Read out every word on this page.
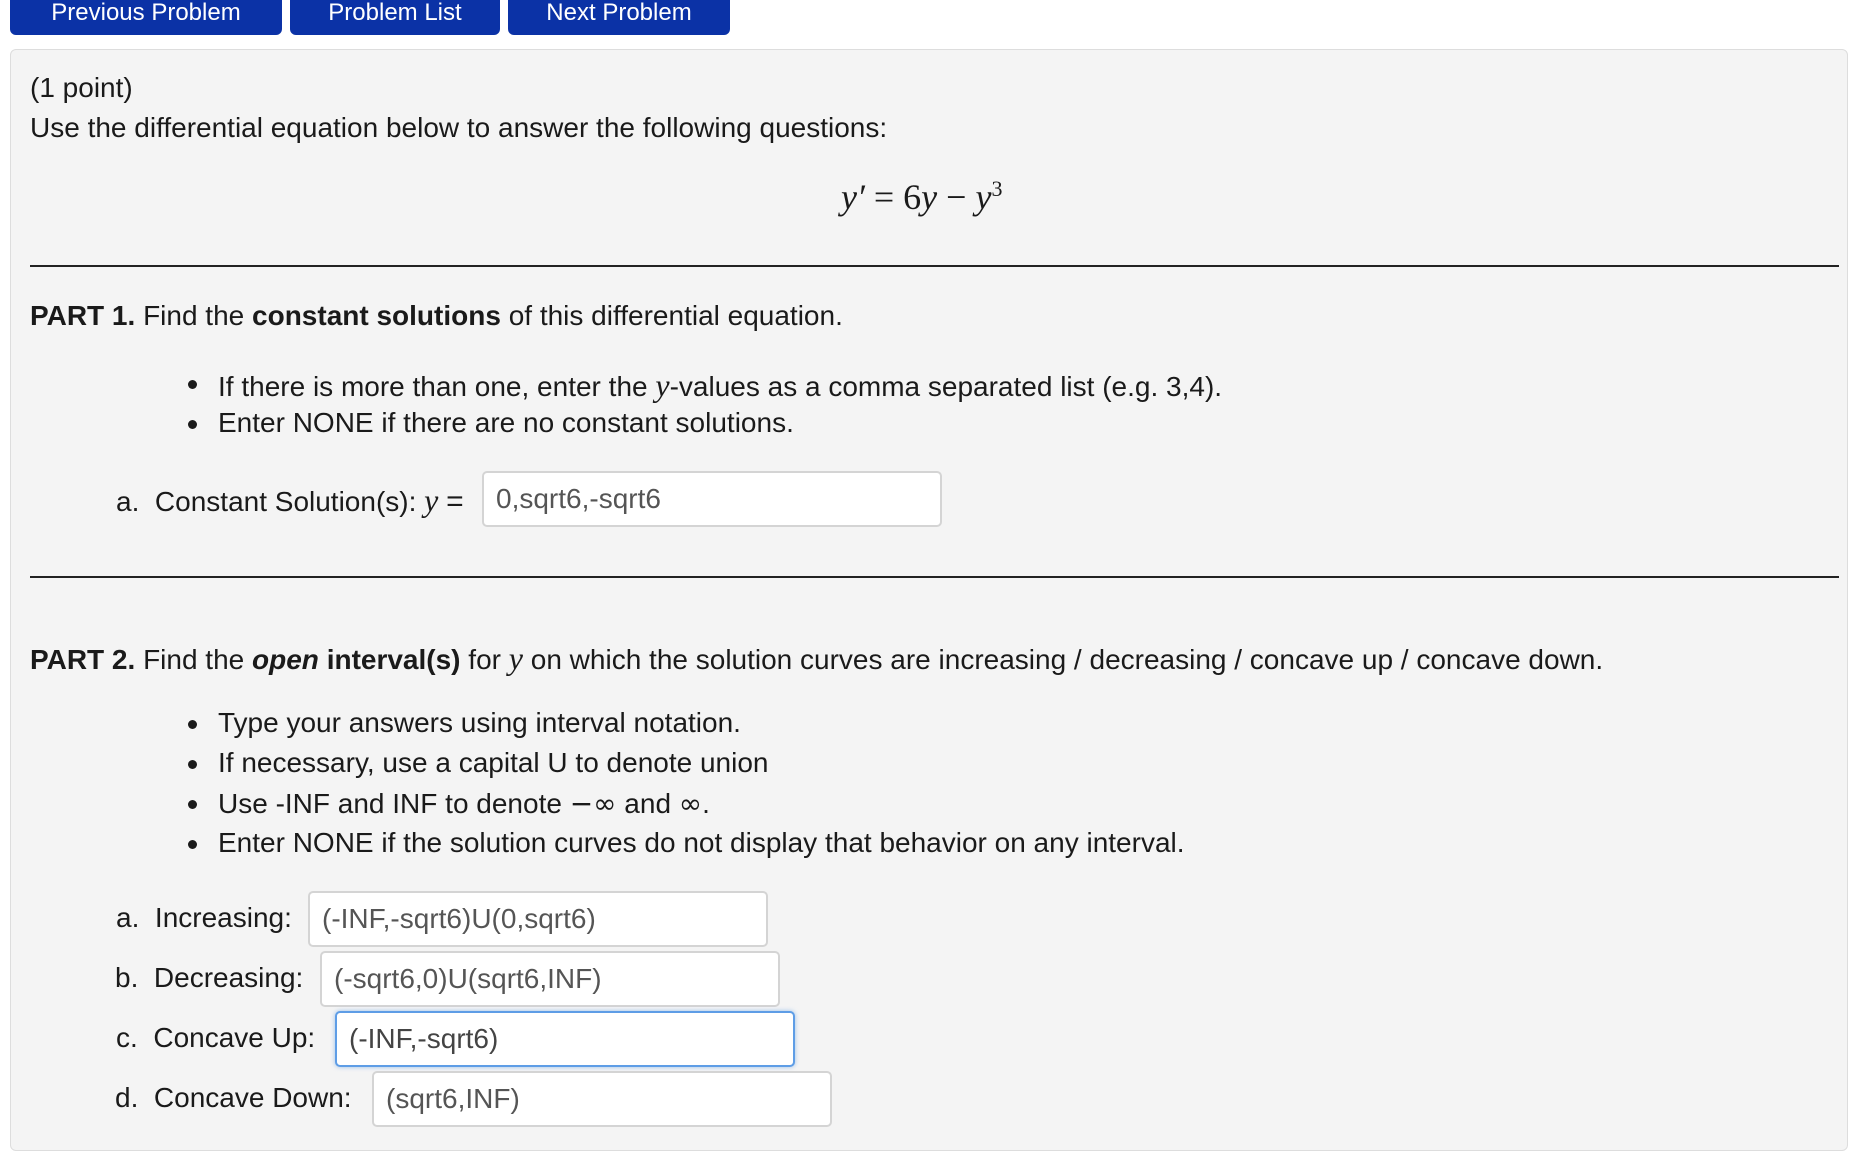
Previous Problem	Problem List	Next Problem
(1 point)
Use the differential equation below to answer the following questions:
$y' = 6y - y^3$
PART 1. Find the constant solutions of this differential equation.
If there is more than one, enter the y-values as a comma separated list (e.g. 3,4).
Enter NONE if there are no constant solutions.
a. Constant Solution(s): y =
0,sqrt6,-sqrt6
PART 2. Find the open interval(s) for y on which the solution curves are increasing / decreasing / concave up / concave down.
Type your answers using interval notation.
If necessary, use a capital U to denote union
Use -INF and INF to denote −∞ and ∞.
Enter NONE if the solution curves do not display that behavior on any interval.
a. Increasing:
(-INF,-sqrt6)U(0,sqrt6)
b. Decreasing:
(-sqrt6,0)U(sqrt6,INF)
c. Concave Up:
(-INF,-sqrt6)
d. Concave Down:
(sqrt6,INF)
